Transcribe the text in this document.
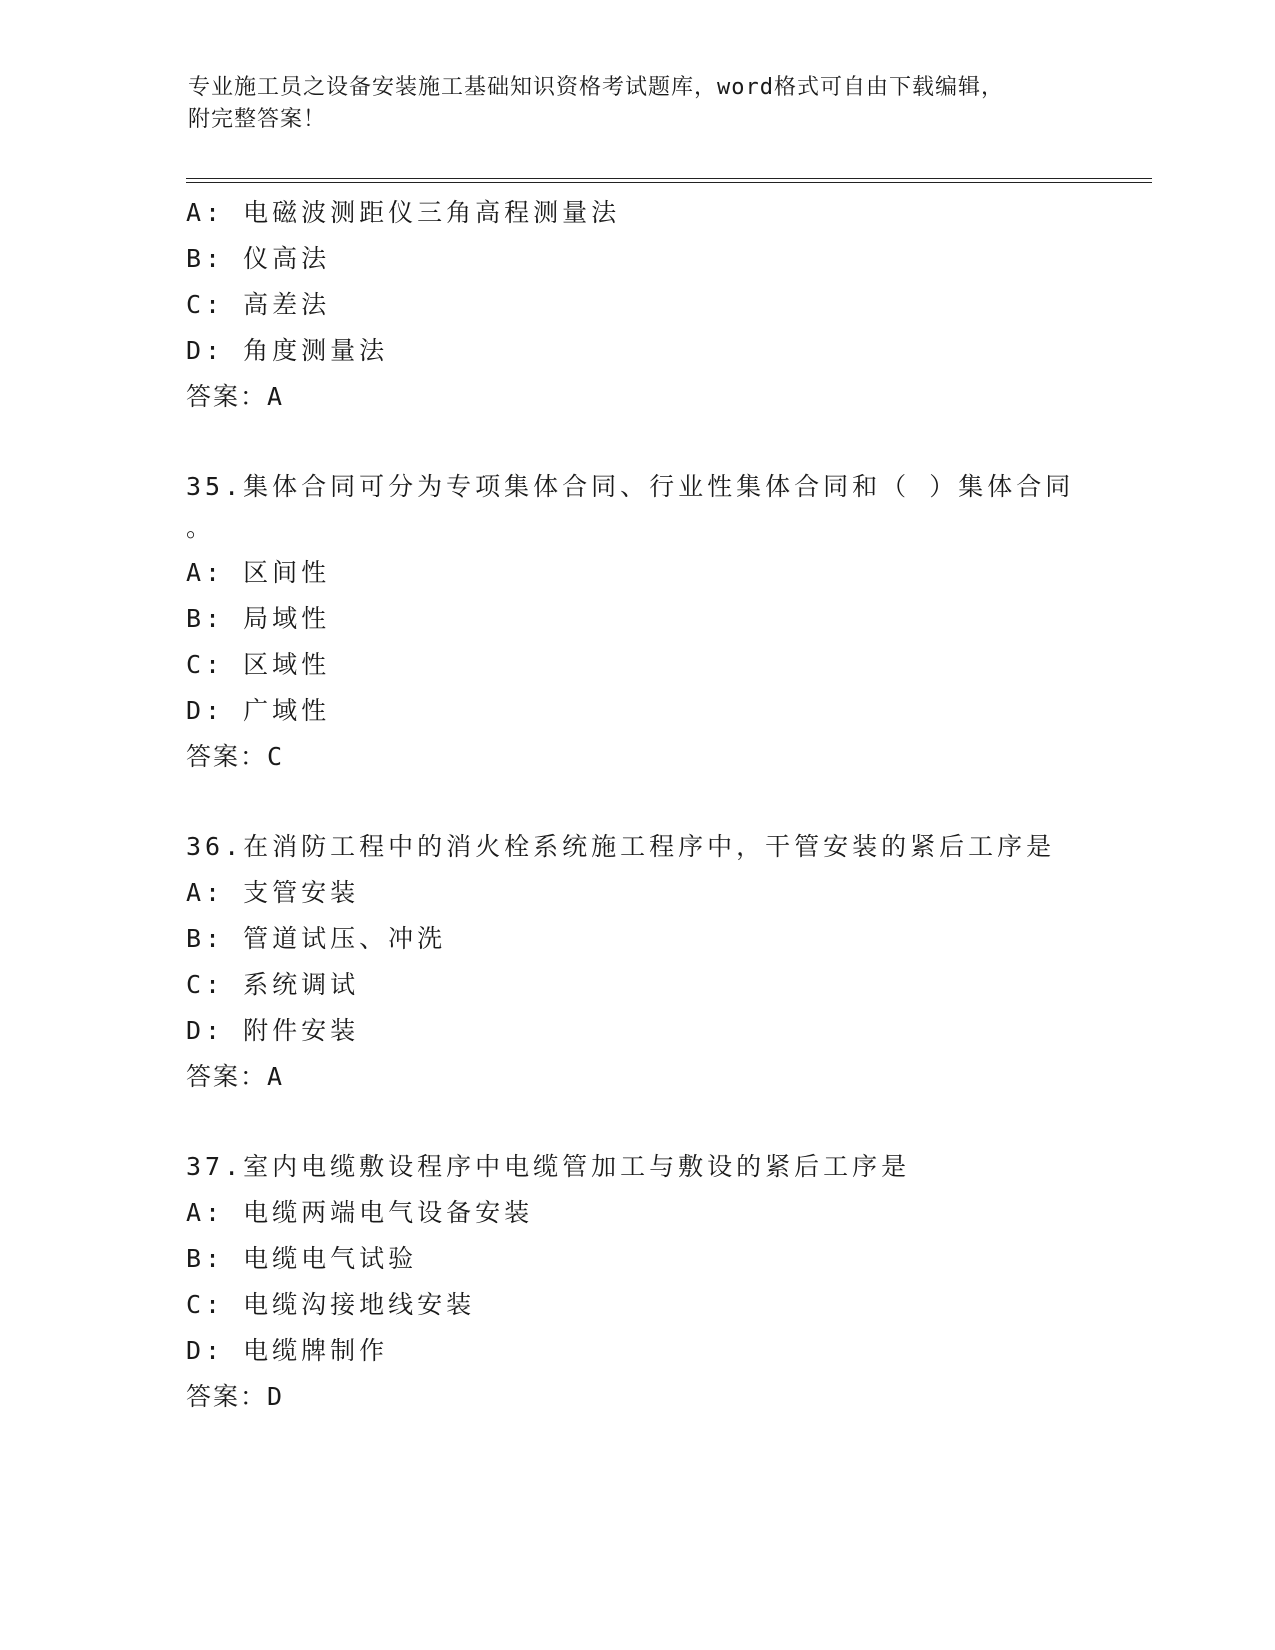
专业施工员之设备安装施工基础知识资格考试题库，word格式可自由下载编辑，
附完整答案！
A: 电磁波测距仪三角高程测量法
B: 仪高法
C: 高差法
D: 角度测量法
答案：A
35.集体合同可分为专项集体合同、行业性集体合同和（ ）集体合同
。
A: 区间性
B: 局域性
C: 区域性
D: 广域性
答案：C
36.在消防工程中的消火栓系统施工程序中，干管安装的紧后工序是
A: 支管安装
B: 管道试压、冲洗
C: 系统调试
D: 附件安装
答案：A
37.室内电缆敷设程序中电缆管加工与敷设的紧后工序是
A: 电缆两端电气设备安装
B: 电缆电气试验
C: 电缆沟接地线安装
D: 电缆牌制作
答案：D
